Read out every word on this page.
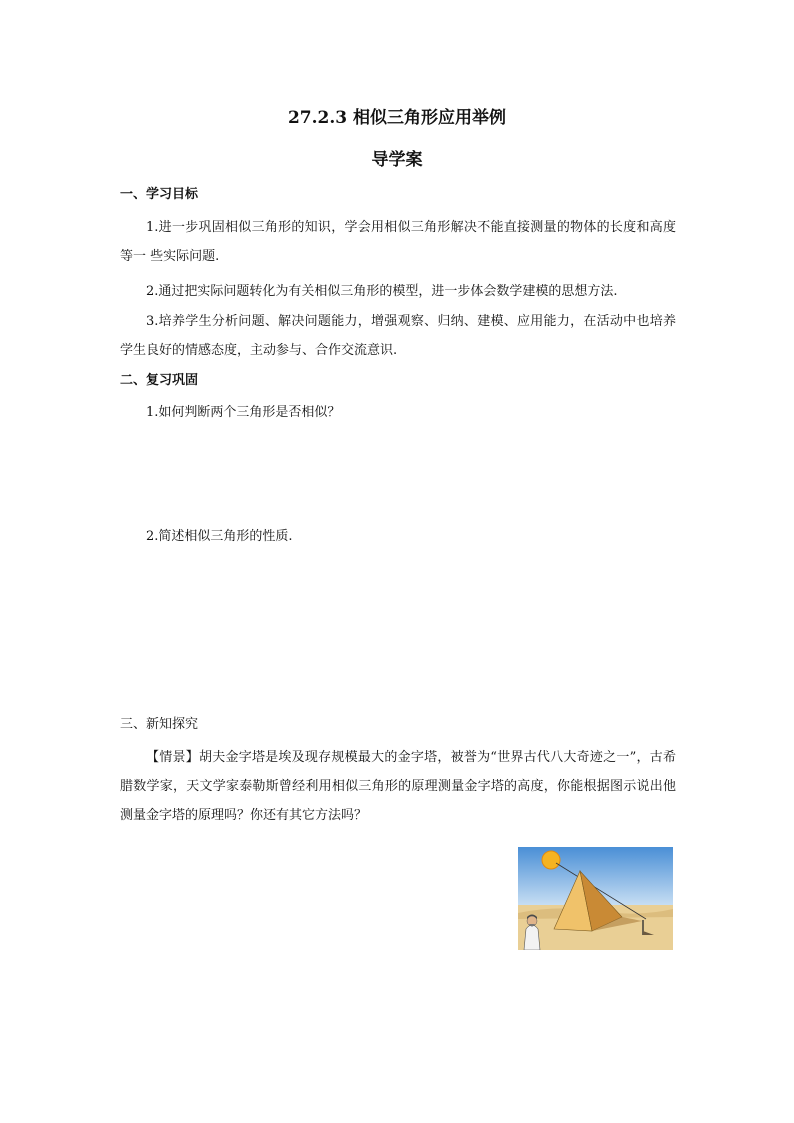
27.2.3 相似三角形应用举例
导学案
一、学习目标
1.进一步巩固相似三角形的知识，学会用相似三角形解决不能直接测量的物体的长度和高度等一 些实际问题.
2.通过把实际问题转化为有关相似三角形的模型，进一步体会数学建模的思想方法.
3.培养学生分析问题、解决问题能力，增强观察、归纳、建模、应用能力，在活动中也培养学生良好的情感态度，主动参与、合作交流意识.
二、复习巩固
1.如何判断两个三角形是否相似？
2.简述相似三角形的性质.
三、新知探究
【情景】胡夫金字塔是埃及现存规模最大的金字塔，被誉为“世界古代八大奇迹之一”，古希腊数学家，天文学家泰勒斯曾经利用相似三角形的原理测量金字塔的高度，你能根据图示说出他测量金字塔的原理吗？你还有其它方法吗？
